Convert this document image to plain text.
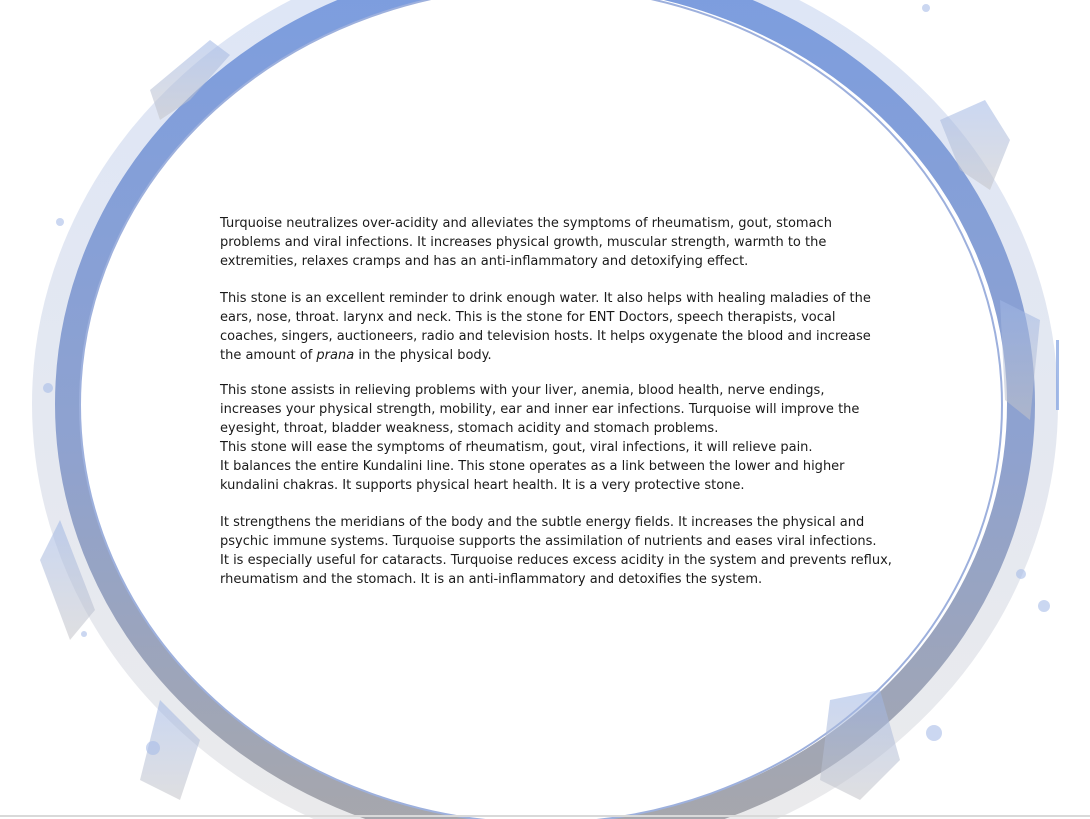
Turquoise neutralizes over-acidity and alleviates the symptoms of rheumatism, gout, stomach
problems and viral infections. It increases physical growth, muscular strength, warmth to the
extremities, relaxes cramps and has an anti-inflammatory and detoxifying effect.

This stone is an excellent reminder to drink enough water. It also helps with healing maladies of the
ears, nose, throat. larynx and neck. This is the stone for ENT Doctors, speech therapists, vocal
coaches, singers, auctioneers, radio and television hosts. It helps oxygenate the blood and increase
the amount of prana in the physical body.

This stone assists in relieving problems with your liver, anemia, blood health, nerve endings,
increases your physical strength, mobility, ear and inner ear infections. Turquoise will improve the
eyesight, throat, bladder weakness, stomach acidity and stomach problems.
This stone will ease the symptoms of rheumatism, gout, viral infections, it will relieve pain.
It balances the entire Kundalini line. This stone operates as a link between the lower and higher
kundalini chakras. It supports physical heart health. It is a very protective stone.

It strengthens the meridians of the body and the subtle energy fields. It increases the physical and
psychic immune systems. Turquoise supports the assimilation of nutrients and eases viral infections.
It is especially useful for cataracts. Turquoise reduces excess acidity in the system and prevents reflux,
rheumatism and the stomach. It is an anti-inflammatory and detoxifies the system.
